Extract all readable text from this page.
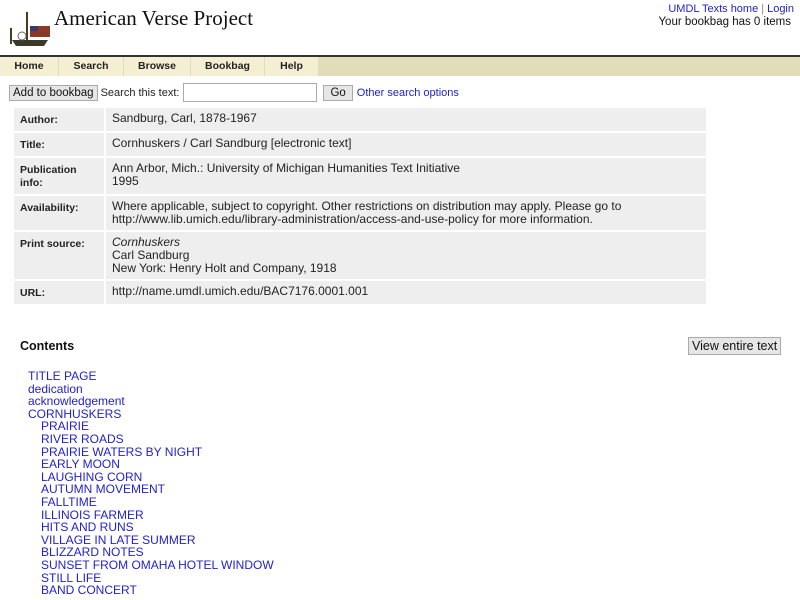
American Verse Project	UMDL Texts home | Login
Your bookbag has 0 items
Home	Search	Browse	Bookbag	Help
Add to bookbag Search this text:	Go	Other search options
Author:	Sandburg, Carl, 1878-1967

Title:	Cornhuskers / Carl Sandburg [electronic text]

Publication info:	Ann Arbor, Mich.: University of Michigan Humanities Text Initiative
1995

Availability:	Where applicable, subject to copyright. Other restrictions on distribution may apply. Please go to
http://www.lib.umich.edu/library-administration/access-and-use-policy for more information.

Print source:	Cornhuskers
Carl Sandburg
New York: Henry Holt and Company, 1918

URL:	http://name.umdl.umich.edu/BAC7176.0001.001
Contents	View entire text
TITLE PAGE
dedication
acknowledgement
CORNHUSKERS
PRAIRIE
RIVER ROADS
PRAIRIE WATERS BY NIGHT
EARLY MOON
LAUGHING CORN
AUTUMN MOVEMENT
FALLTIME
ILLINOIS FARMER
HITS AND RUNS
VILLAGE IN LATE SUMMER
BLIZZARD NOTES
SUNSET FROM OMAHA HOTEL WINDOW
STILL LIFE
BAND CONCERT
